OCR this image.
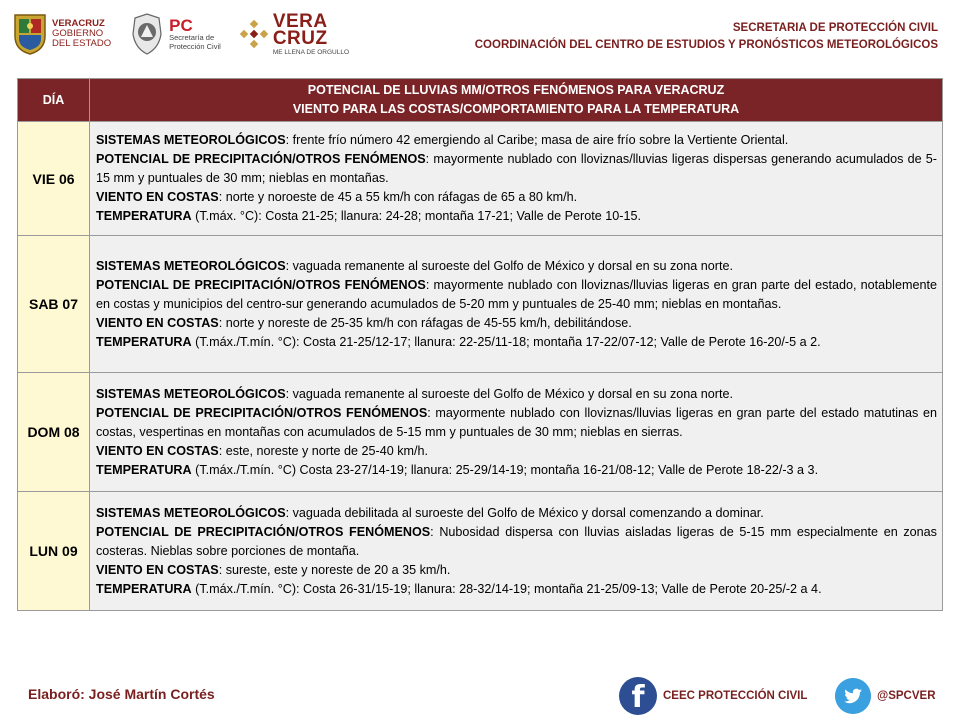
VERACRUZ
GOBIERNO
DEL ESTADO
PC
Secretaría de
Protección Civil
VERA
CRUZ
ME LLENA DE ORGULLO
SECRETARIA DE PROTECCIÓN CIVIL
COORDINACIÓN DEL CENTRO DE ESTUDIOS Y PRONÓSTICOS METEOROLÓGICOS
DÍA	POTENCIAL DE LLUVIAS MM/OTROS FENÓMENOS PARA VERACRUZ
VIENTO PARA LAS COSTAS/COMPORTAMIENTO PARA LA TEMPERATURA

VIE 06	SISTEMAS METEOROLÓGICOS: frente frío número 42 emergiendo al Caribe; masa de aire frío sobre la Vertiente Oriental.
POTENCIAL DE PRECIPITACIÓN/OTROS FENÓMENOS: mayormente nublado con lloviznas/lluvias ligeras dispersas generando acumulados de 5-15 mm y puntuales de 30 mm; nieblas en montañas.
VIENTO EN COSTAS: norte y noroeste de 45 a 55 km/h con ráfagas de 65 a 80 km/h.
TEMPERATURA (T.máx. °C): Costa 21-25; llanura: 24-28; montaña 17-21; Valle de Perote 10-15.

SAB 07	SISTEMAS METEOROLÓGICOS: vaguada remanente al suroeste del Golfo de México y dorsal en su zona norte.
POTENCIAL DE PRECIPITACIÓN/OTROS FENÓMENOS: mayormente nublado con lloviznas/lluvias ligeras en gran parte del estado, notablemente en costas y municipios del centro-sur generando acumulados de 5-20 mm y puntuales de 25-40 mm; nieblas en montañas.
VIENTO EN COSTAS: norte y noreste de 25-35 km/h con ráfagas de 45-55 km/h, debilitándose.
TEMPERATURA (T.máx./T.mín. °C): Costa 21-25/12-17; llanura: 22-25/11-18; montaña 17-22/07-12; Valle de Perote 16-20/-5 a 2.

DOM 08	SISTEMAS METEOROLÓGICOS: vaguada remanente al suroeste del Golfo de México y dorsal en su zona norte.
POTENCIAL DE PRECIPITACIÓN/OTROS FENÓMENOS: mayormente nublado con lloviznas/lluvias ligeras en gran parte del estado matutinas en costas, vespertinas en montañas con acumulados de 5-15 mm y puntuales de 30 mm; nieblas en sierras.
VIENTO EN COSTAS: este, noreste y norte de 25-40 km/h.
TEMPERATURA (T.máx./T.mín. °C) Costa 23-27/14-19; llanura: 25-29/14-19; montaña 16-21/08-12; Valle de Perote 18-22/-3 a 3.

LUN 09	SISTEMAS METEOROLÓGICOS: vaguada debilitada al suroeste del Golfo de México y dorsal comenzando a dominar.
POTENCIAL DE PRECIPITACIÓN/OTROS FENÓMENOS: Nubosidad dispersa con lluvias aisladas ligeras de 5-15 mm especialmente en zonas costeras. Nieblas sobre porciones de montaña.
VIENTO EN COSTAS: sureste, este y noreste de 20 a 35 km/h.
TEMPERATURA (T.máx./T.mín. °C): Costa 26-31/15-19; llanura: 28-32/14-19; montaña 21-25/09-13; Valle de Perote 20-25/-2 a 4.
Elaboró: José Martín Cortés	f	CEEC PROTECCIÓN CIVIL	@SPCVER
